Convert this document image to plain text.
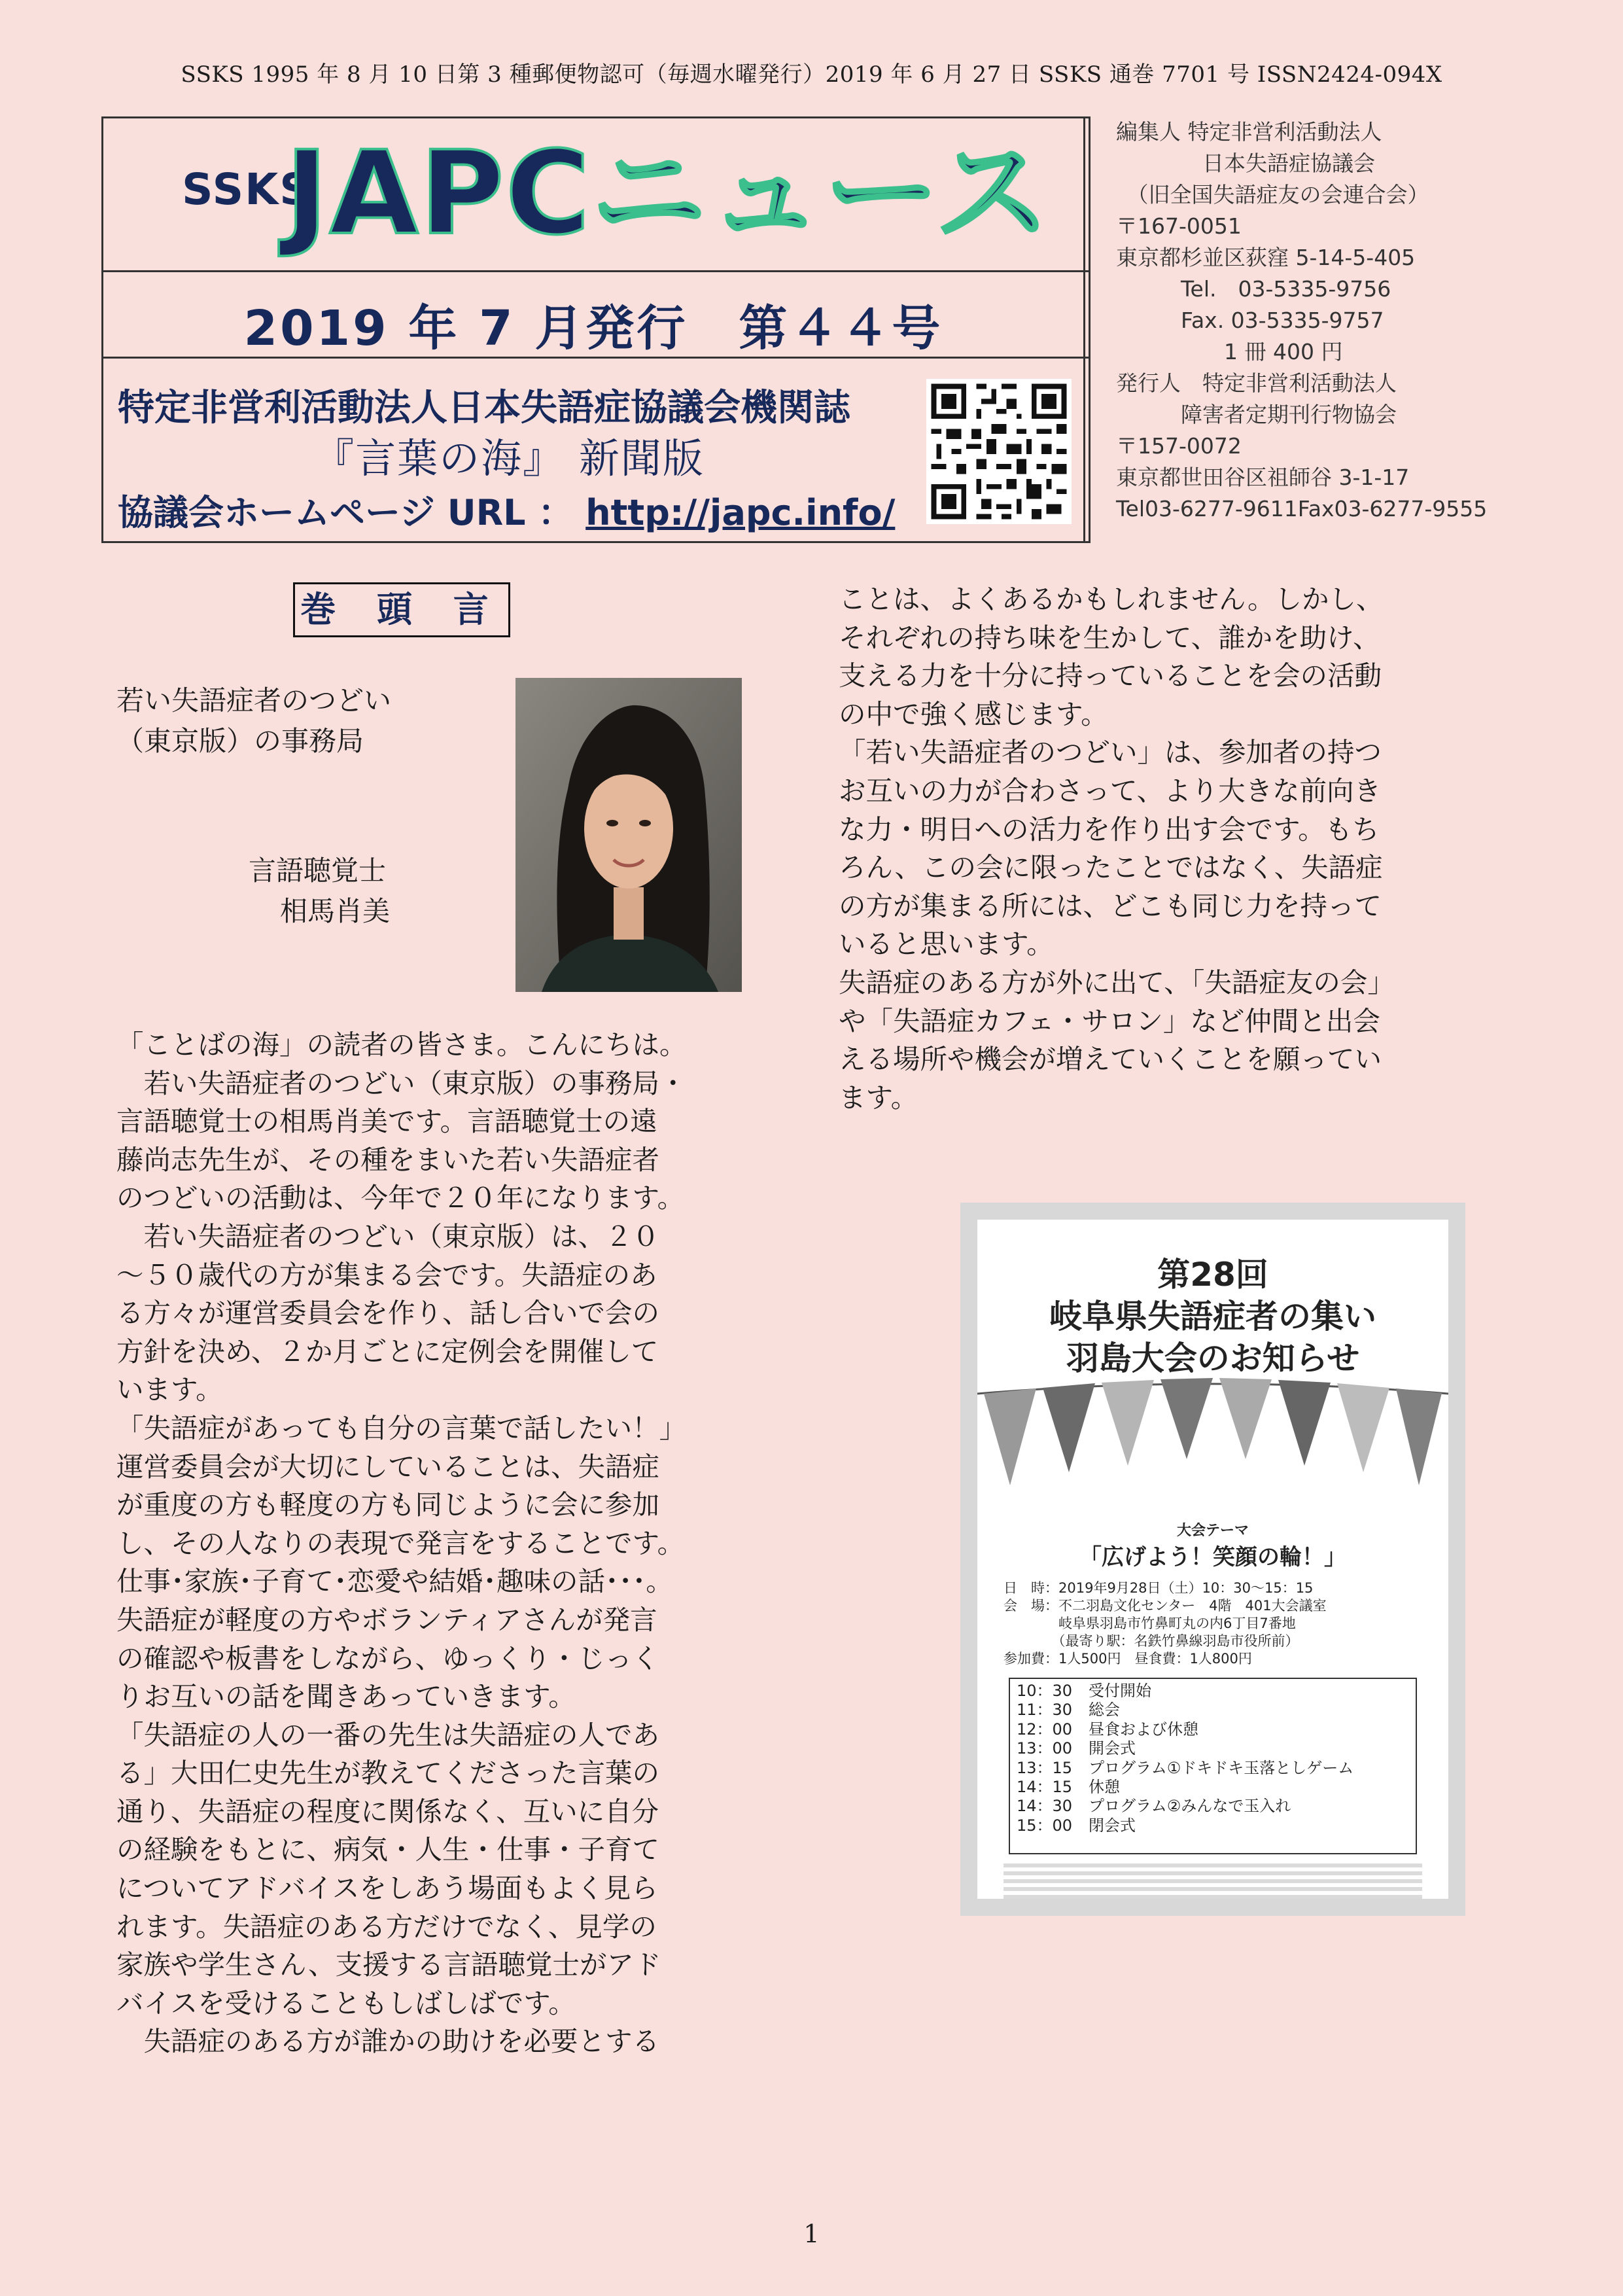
SSKS 1995 年 8 月 10 日第 3 種郵便物認可（毎週水曜発行）2019 年 6 月 27 日 SSKS 通巻 7701 号 ISSN2424-094X
SSKS
JAPCニュース
2019 年 7 月発行　第４４号
特定非営利活動法人日本失語症協議会機関誌
『言葉の海』 新聞版
協議会ホームページ URL ： http://japc.info/
編集人 特定非営利活動法人
　　　　日本失語症協議会
　（旧全国失語症友の会連合会）
〒167-0051
東京都杉並区荻窪 5-14-5-405
　　　Tel.　03-5335-9756
　　　Fax. 03-5335-9757
　　　　　1 冊 400 円
発行人　特定非営利活動法人
　　　障害者定期刊行物協会
〒157-0072
東京都世田谷区祖師谷 3-1-17
Tel03-6277-9611Fax03-6277-9555
巻 頭 言
若い失語症者のつどい
（東京版）の事務局
言語聴覚士
相馬肖美
「ことばの海」の読者の皆さま。こんにちは。
　若い失語症者のつどい（東京版）の事務局・
言語聴覚士の相馬肖美です。言語聴覚士の遠
藤尚志先生が、その種をまいた若い失語症者
のつどいの活動は、今年で２０年になります。
　若い失語症者のつどい（東京版）は、２０
～５０歳代の方が集まる会です。失語症のあ
る方々が運営委員会を作り、話し合いで会の
方針を決め、２か月ごとに定例会を開催して
います。
「失語症があっても自分の言葉で話したい！」
運営委員会が大切にしていることは、失語症
が重度の方も軽度の方も同じように会に参加
し、その人なりの表現で発言をすることです。
仕事･家族･子育て･恋愛や結婚･趣味の話･･･。
失語症が軽度の方やボランティアさんが発言
の確認や板書をしながら、ゆっくり・じっく
りお互いの話を聞きあっていきます。
「失語症の人の一番の先生は失語症の人であ
る」大田仁史先生が教えてくださった言葉の
通り、失語症の程度に関係なく、互いに自分
の経験をもとに、病気・人生・仕事・子育て
についてアドバイスをしあう場面もよく見ら
れます。失語症のある方だけでなく、見学の
家族や学生さん、支援する言語聴覚士がアド
バイスを受けることもしばしばです。
　失語症のある方が誰かの助けを必要とする
ことは、よくあるかもしれません。しかし、
それぞれの持ち味を生かして、誰かを助け、
支える力を十分に持っていることを会の活動
の中で強く感じます。
「若い失語症者のつどい」は、参加者の持つ
お互いの力が合わさって、より大きな前向き
な力・明日への活力を作り出す会です。もち
ろん、この会に限ったことではなく、失語症
の方が集まる所には、どこも同じ力を持って
いると思います。
失語症のある方が外に出て、「失語症友の会」
や「失語症カフェ・サロン」など仲間と出会
える場所や機会が増えていくことを願ってい
ます。
第28回
岐阜県失語症者の集い
羽島大会のお知らせ
大会テーマ
「広げよう！笑顔の輪！」
日　時：2019年9月28日（土）10：30～15：15
会　場：不二羽島文化センター　4階　401大会議室
　　　　岐阜県羽島市竹鼻町丸の内6丁目7番地
　　　　（最寄り駅：名鉄竹鼻線羽島市役所前）
参加費：1人500円　昼食費：1人800円
10：30 受付開始
11：30 総会
12：00 昼食および休憩
13：00 開会式
13：15 プログラム①ドキドキ玉落としゲーム
14：15 休憩
14：30 プログラム②みんなで玉入れ
15：00 閉会式
1
